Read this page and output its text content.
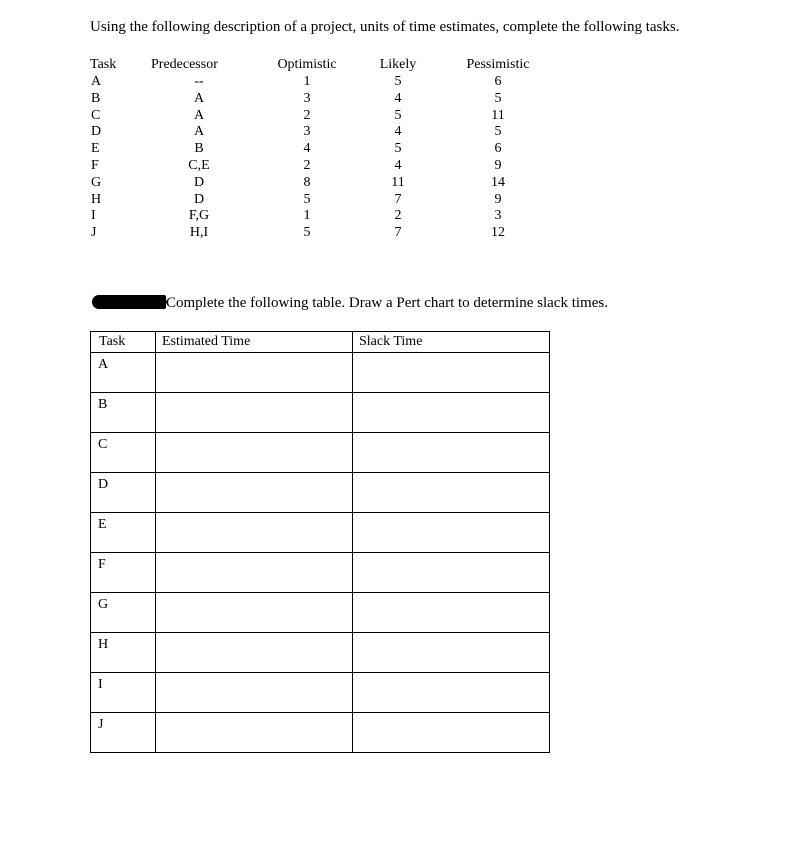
Using the following description of a project, units of time estimates, complete the following tasks.
Task	Predecessor	Optimistic	Likely	Pessimistic
A	--	1	5	6
B	A	3	4	5
C	A	2	5	11
D	A	3	4	5
E	B	4	5	6
F	C,E	2	4	9
G	D	8	11	14
H	D	5	7	9
I	F,G	1	2	3
J	H,I	5	7	12
Complete the following table. Draw a Pert chart to determine slack times.
Task	Estimated Time	Slack Time
A		
B		
C		
D		
E		
F		
G		
H		
I		
J		
